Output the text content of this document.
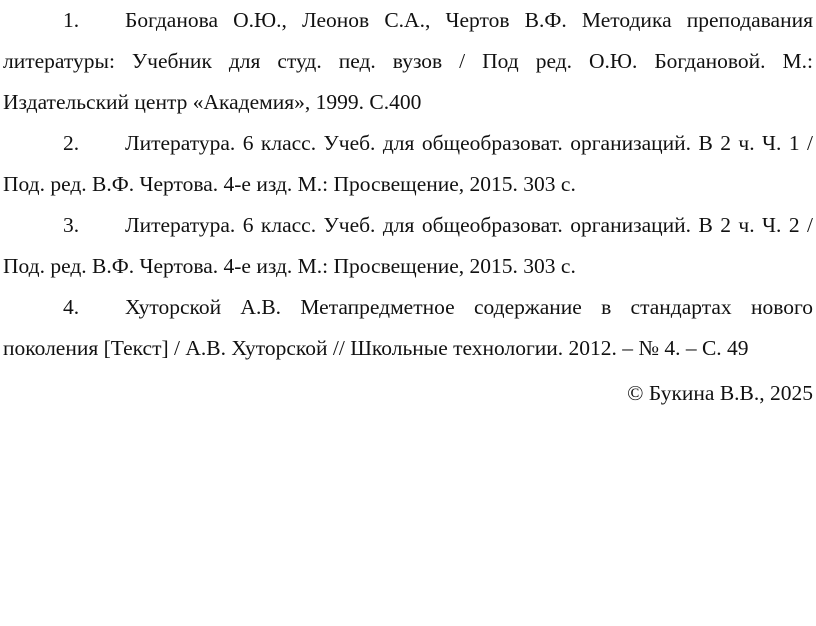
1. Богданова О.Ю., Леонов С.А., Чертов В.Ф. Методика преподавания литературы: Учебник для студ. пед. вузов / Под ред. О.Ю. Богдановой. М.: Издательский центр «Академия», 1999. С.400

2. Литература. 6 класс. Учеб. для общеобразоват. организаций. В 2 ч. Ч. 1 / Под. ред. В.Ф. Чертова. 4-е изд. М.: Просвещение, 2015. 303 с.

3. Литература. 6 класс. Учеб. для общеобразоват. организаций. В 2 ч. Ч. 2 / Под. ред. В.Ф. Чертова. 4-е изд. М.: Просвещение, 2015. 303 с.

4. Хуторской А.В. Метапредметное содержание в стандартах нового поколения [Текст] / А.В. Хуторской // Школьные технологии. 2012. – № 4. – С. 49

© Букина В.В., 2025
